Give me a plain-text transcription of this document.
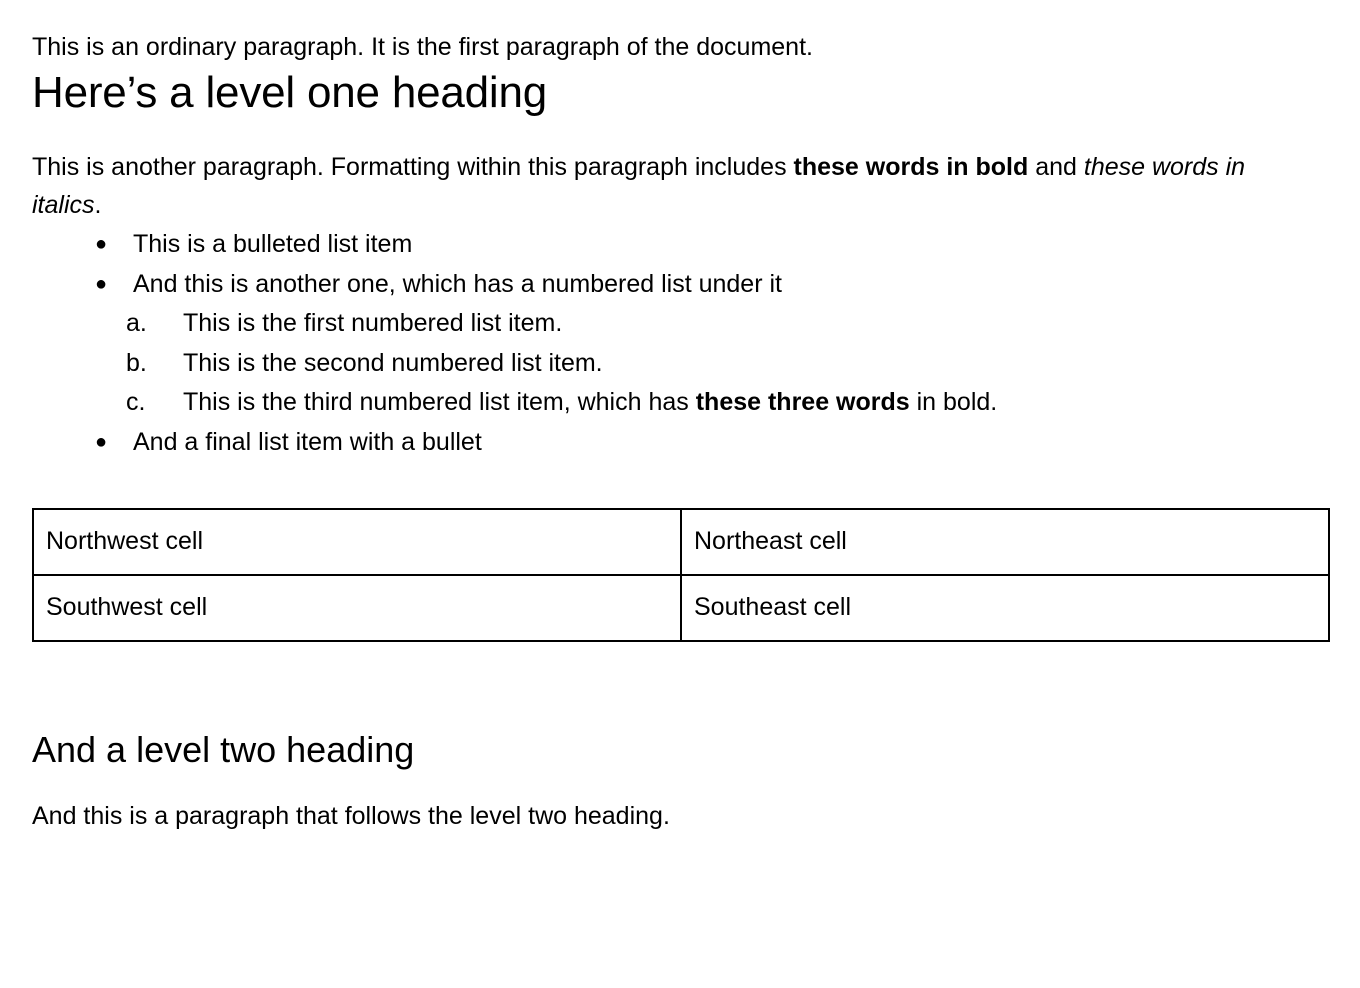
This is an ordinary paragraph. It is the first paragraph of the document.

Here’s a level one heading

This is another paragraph. Formatting within this paragraph includes these words in bold and these words in italics.

● This is a bulleted list item
● And this is another one, which has a numbered list under it
a. This is the first numbered list item.
b. This is the second numbered list item.
c. This is the third numbered list item, which has these three words in bold.
● And a final list item with a bullet
Northwest cell	Northeast cell
Southwest cell	Southeast cell
And a level two heading

And this is a paragraph that follows the level two heading.
